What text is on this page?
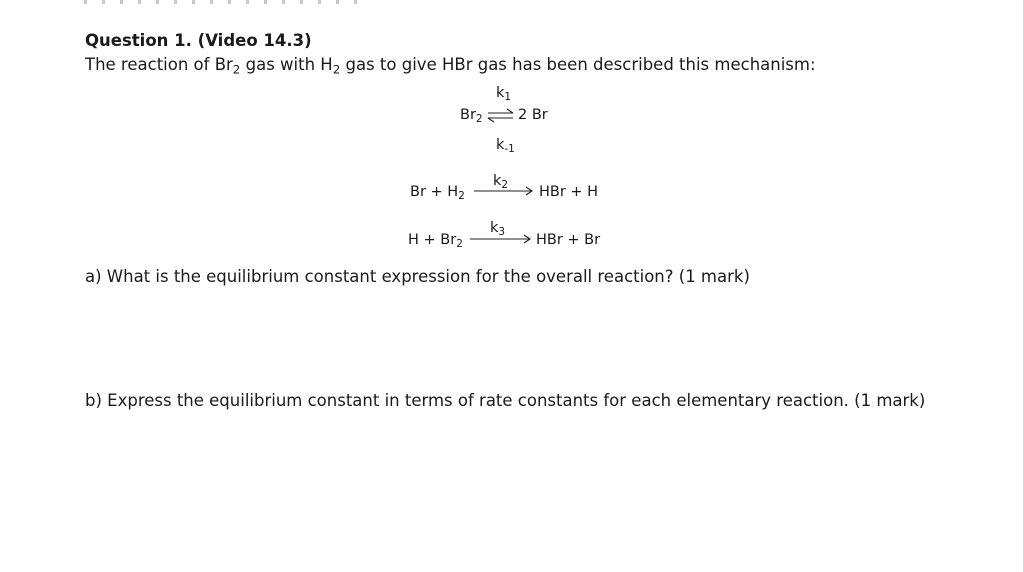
Question 1. (Video 14.3)
The reaction of $Br_2$ gas with $H_2$ gas to give HBr gas has been described this mechanism:
$k_1$
$Br_2$ ⇌ 2 Br
$k_{-1}$
$Br + H_2$
$k_2$ HBr + H
$H + Br_2$
$k_3$
HBr + Br
a) What is the equilibrium constant expression for the overall reaction? (1 mark)
b) Express the equilibrium constant in terms of rate constants for each elementary reaction. (1 mark)
